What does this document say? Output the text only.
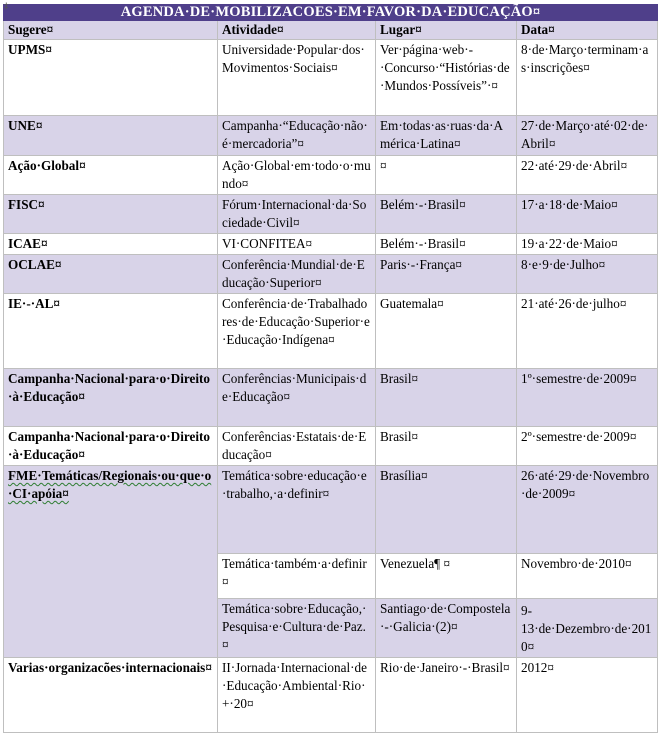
‡	AGENDA·DE·MOBILIZACOES·EM·FAVOR·DA·EDUCAÇÃO¤			
Sugere¤	Atividade¤	Lugar¤	Data¤
UPMS¤	Universidade·Popular·dos·Movimentos·Sociais¤	Ver·página·web·-·Concurso·“Histórias·de·Mundos·Possíveis”·¤	8·de·Março·terminam·as·inscrições¤
UNE¤	Campanha·“Educação·não·é·mercadoria”¤	Em·todas·as·ruas·da·América·Latina¤	27·de·Março·até·02·de·Abril¤
Ação·Global¤	Ação·Global·em·todo·o·mundo¤	¤	22·até·29·de·Abril¤
FISC¤	Fórum·Internacional·da·Sociedade·Civil¤	Belém·-·Brasil¤	17·a·18·de·Maio¤
ICAE¤	VI·CONFITEA¤	Belém·-·Brasil¤	19·a·22·de·Maio¤
OCLAE¤	Conferência·Mundial·de·Educação·Superior¤	Paris·-·França¤	8·e·9·de·Julho¤
IE·-·AL¤	Conferência·de·Trabalhadores·de·Educação·Superior·e·Educação·Indígena¤	Guatemala¤	21·até·26·de·julho¤
Campanha·Nacional·para·o·Direito·à·Educação¤	Conferências·Municipais·de·Educação¤	Brasil¤	1º·semestre·de·2009¤
Campanha·Nacional·para·o·Direito·à·Educação¤	Conferências·Estatais·de·Educação¤	Brasil¤	2º·semestre·de·2009¤
FME·Temáticas/Regionais·ou·que·o·CI·apóia¤	Temática·sobre·educação·e·trabalho,·a·definir¤	Brasília¤	26·até·29·de·Novembro·de·2009¤
	Temática·também·a·definir¤	Venezuela¶ ¤	Novembro·de·2010¤
	Temática·sobre·Educação,·Pesquisa·e·Cultura·de·Paz.¤	Santiago·de·Compostela·-·Galicia·(2)¤	9-13·de·Dezembro·de·2010¤
Varias·organizacões·internacionais¤	II·Jornada·Internacional·de·Educação·Ambiental·Rio·+·20¤	Rio·de·Janeiro·-·Brasil¤	2012¤
